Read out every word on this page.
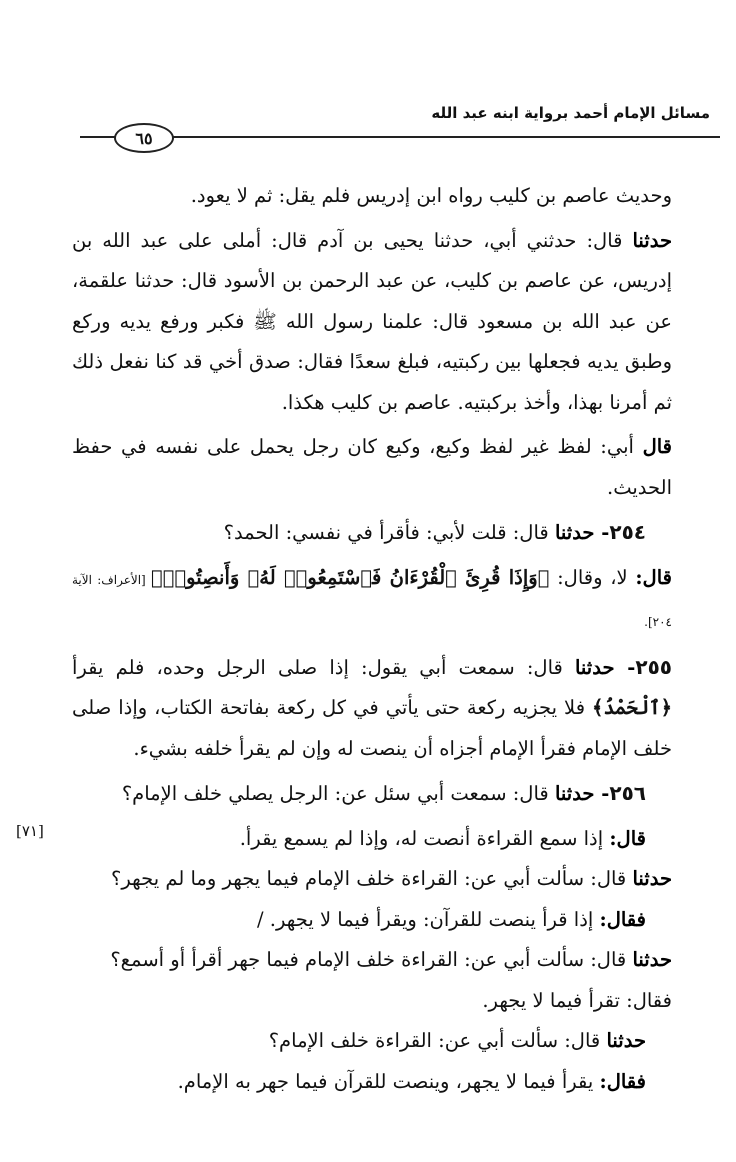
مسائل الإمام أحمد برواية ابنه عبد الله
٦٥

وحديث عاصم بن كليب رواه ابن إدريس فلم يقل: ثم لا يعود.

حدثنا قال: حدثني أبي، حدثنا يحيى بن آدم قال: أملى على عبد الله بن إدريس، عن عاصم بن كليب، عن عبد الرحمن بن الأسود قال: حدثنا علقمة، عن عبد الله بن مسعود قال: علمنا رسول الله ﷺ فكبر ورفع يديه وركع وطبق يديه فجعلها بين ركبتيه، فبلغ سعدًا فقال: صدق أخي قد كنا نفعل ذلك ثم أمرنا بهذا، وأخذ بركبتيه. عاصم بن كليب هكذا.

قال أبي: لفظ غير لفظ وكيع، وكيع كان رجل يحمل على نفسه في حفظ الحديث.

٢٥٤- حدثنا قال: قلت لأبي: فأقرأ في نفسي: الحمد؟

قال: لا، وقال: ﴿وَإِذَا قُرِئَ ٱلْقُرْءَانُ فَٱسْتَمِعُوا۟ لَهُۥ وَأَنصِتُوا۟﴾ [الأعراف: الآية ٢٠٤].

٢٥٥- حدثنا قال: سمعت أبي يقول: إذا صلى الرجل وحده، فلم يقرأ ﴿ٱلْحَمْدُ﴾ فلا يجزيه ركعة حتى يأتي في كل ركعة بفاتحة الكتاب، وإذا صلى خلف الإمام فقرأ الإمام أجزاه أن ينصت له وإن لم يقرأ خلفه بشيء.

٢٥٦- حدثنا قال: سمعت أبي سئل عن: الرجل يصلي خلف الإمام؟

قال: إذا سمع القراءة أنصت له، وإذا لم يسمع يقرأ.

حدثنا قال: سألت أبي عن: القراءة خلف الإمام فيما يجهر وما لم يجهر؟

فقال: إذا قرأ ينصت للقرآن: ويقرأ فيما لا يجهر. /

حدثنا قال: سألت أبي عن: القراءة خلف الإمام فيما جهر أقرأ أو أسمع؟

فقال: تقرأ فيما لا يجهر.

حدثنا قال: سألت أبي عن: القراءة خلف الإمام؟

فقال: يقرأ فيما لا يجهر، وينصت للقرآن فيما جهر به الإمام.

[٧١]
